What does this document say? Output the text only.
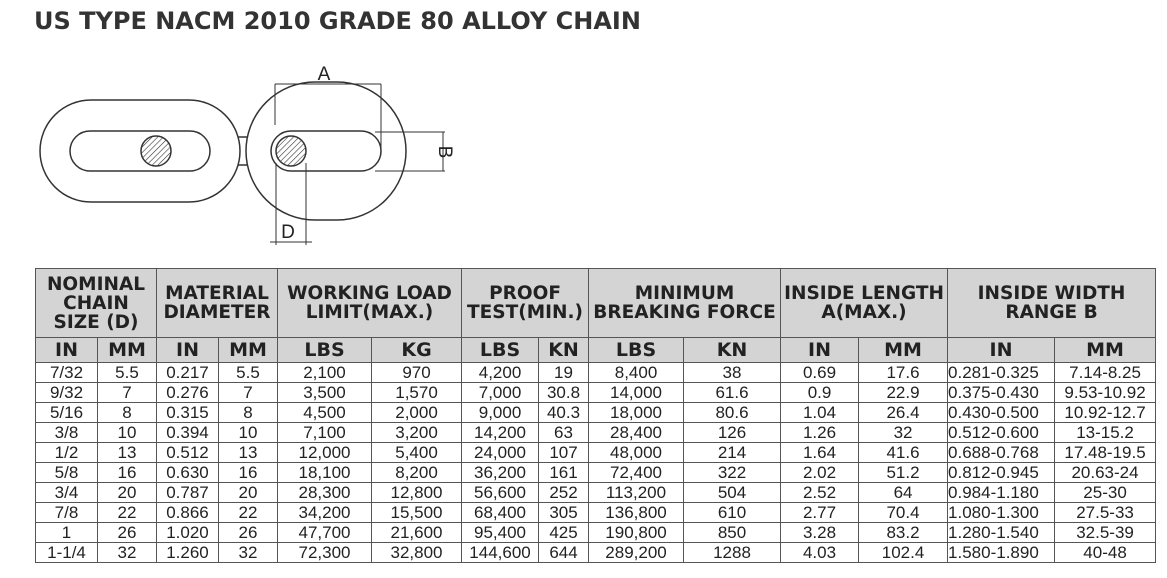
US TYPE NACM 2010 GRADE 80 ALLOY CHAIN
A
B
D
NOMINAL CHAIN SIZE (D)		MATERIAL DIAMETER		WORKING LOAD LIMIT(MAX.)		PROOF TEST(MIN.)		MINIMUM BREAKING FORCE		INSIDE LENGTH A(MAX.)		INSIDE WIDTH RANGE B	
IN	MM	IN	MM	LBS	KG	LBS	KN	LBS	KN	IN	MM	IN	MM
7/32	5.5	0.217	5.5	2,100	970	4,200	19	8,400	38	0.69	17.6	0.281-0.325	7.14-8.25
9/32	7	0.276	7	3,500	1,570	7,000	30.8	14,000	61.6	0.9	22.9	0.375-0.430	9.53-10.92
5/16	8	0.315	8	4,500	2,000	9,000	40.3	18,000	80.6	1.04	26.4	0.430-0.500	10.92-12.7
3/8	10	0.394	10	7,100	3,200	14,200	63	28,400	126	1.26	32	0.512-0.600	13-15.2
1/2	13	0.512	13	12,000	5,400	24,000	107	48,000	214	1.64	41.6	0.688-0.768	17.48-19.5
5/8	16	0.630	16	18,100	8,200	36,200	161	72,400	322	2.02	51.2	0.812-0.945	20.63-24
3/4	20	0.787	20	28,300	12,800	56,600	252	113,200	504	2.52	64	0.984-1.180	25-30
7/8	22	0.866	22	34,200	15,500	68,400	305	136,800	610	2.77	70.4	1.080-1.300	27.5-33
1	26	1.020	26	47,700	21,600	95,400	425	190,800	850	3.28	83.2	1.280-1.540	32.5-39
1-1/4	32	1.260	32	72,300	32,800	144,600	644	289,200	1288	4.03	102.4	1.580-1.890	40-48
